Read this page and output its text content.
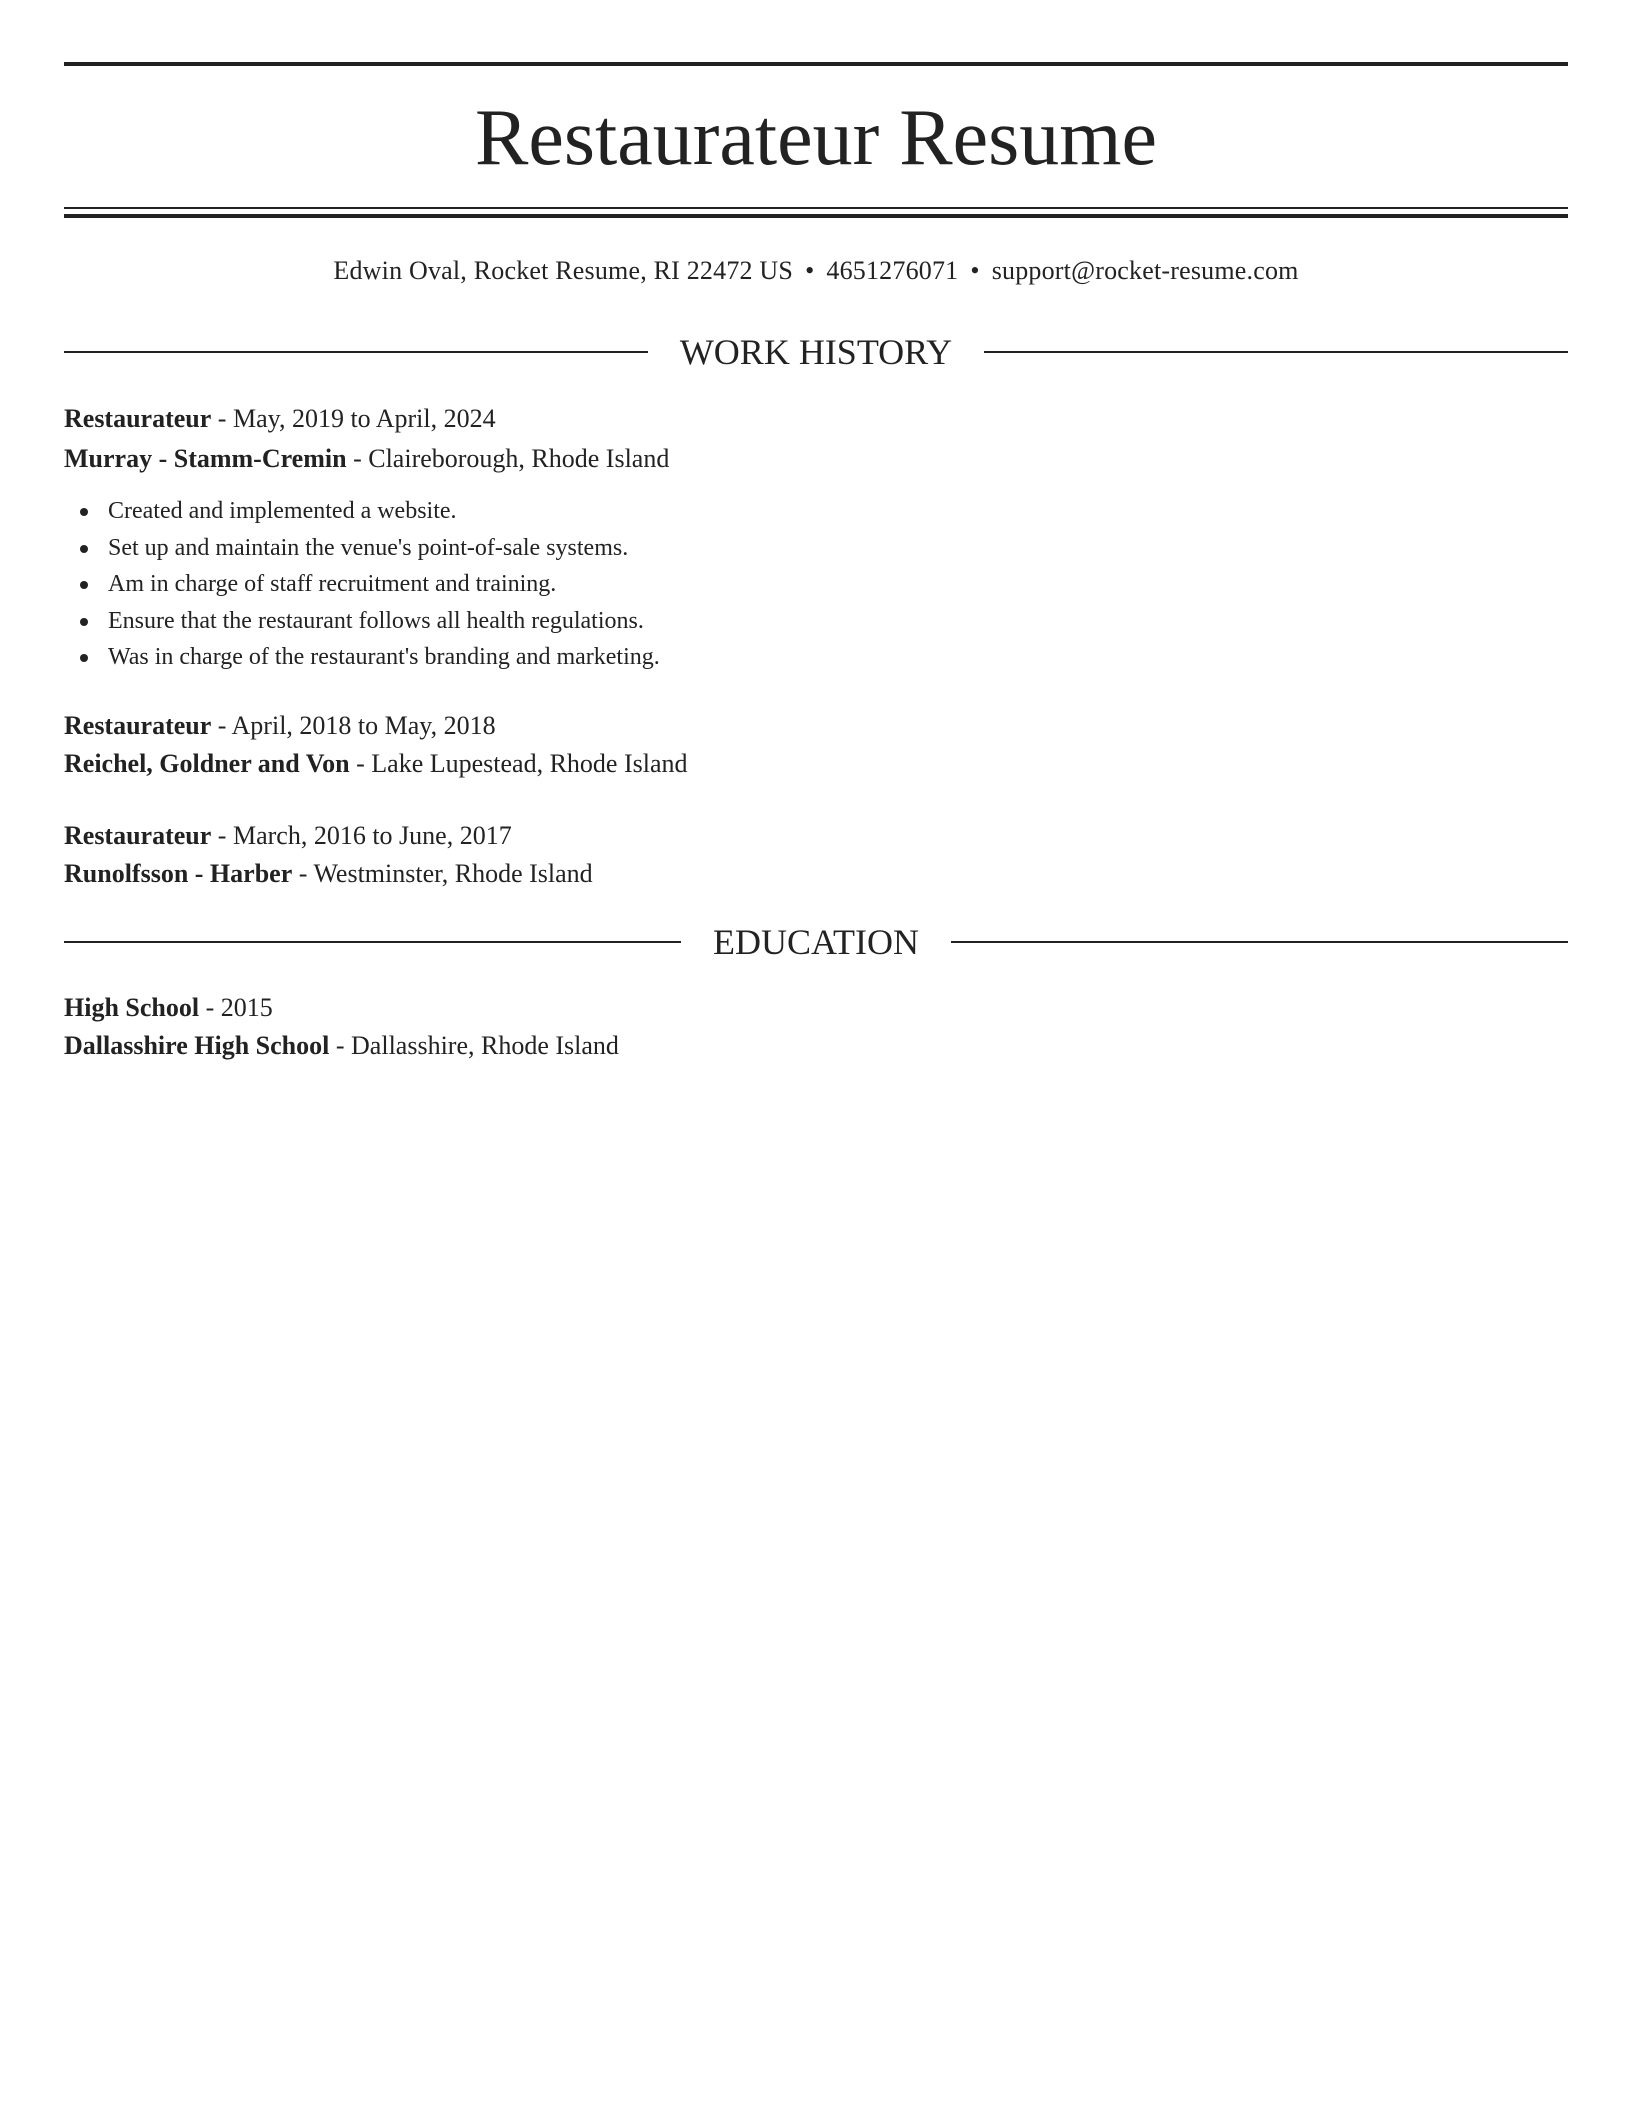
Restaurateur Resume
Edwin Oval, Rocket Resume, RI 22472 US • 4651276071 • support@rocket-resume.com
WORK HISTORY
Restaurateur - May, 2019 to April, 2024
Murray - Stamm-Cremin - Claireborough, Rhode Island
Created and implemented a website.
Set up and maintain the venue's point-of-sale systems.
Am in charge of staff recruitment and training.
Ensure that the restaurant follows all health regulations.
Was in charge of the restaurant's branding and marketing.
Restaurateur - April, 2018 to May, 2018
Reichel, Goldner and Von - Lake Lupestead, Rhode Island
Restaurateur - March, 2016 to June, 2017
Runolfsson - Harber - Westminster, Rhode Island
EDUCATION
High School - 2015
Dallasshire High School - Dallasshire, Rhode Island
